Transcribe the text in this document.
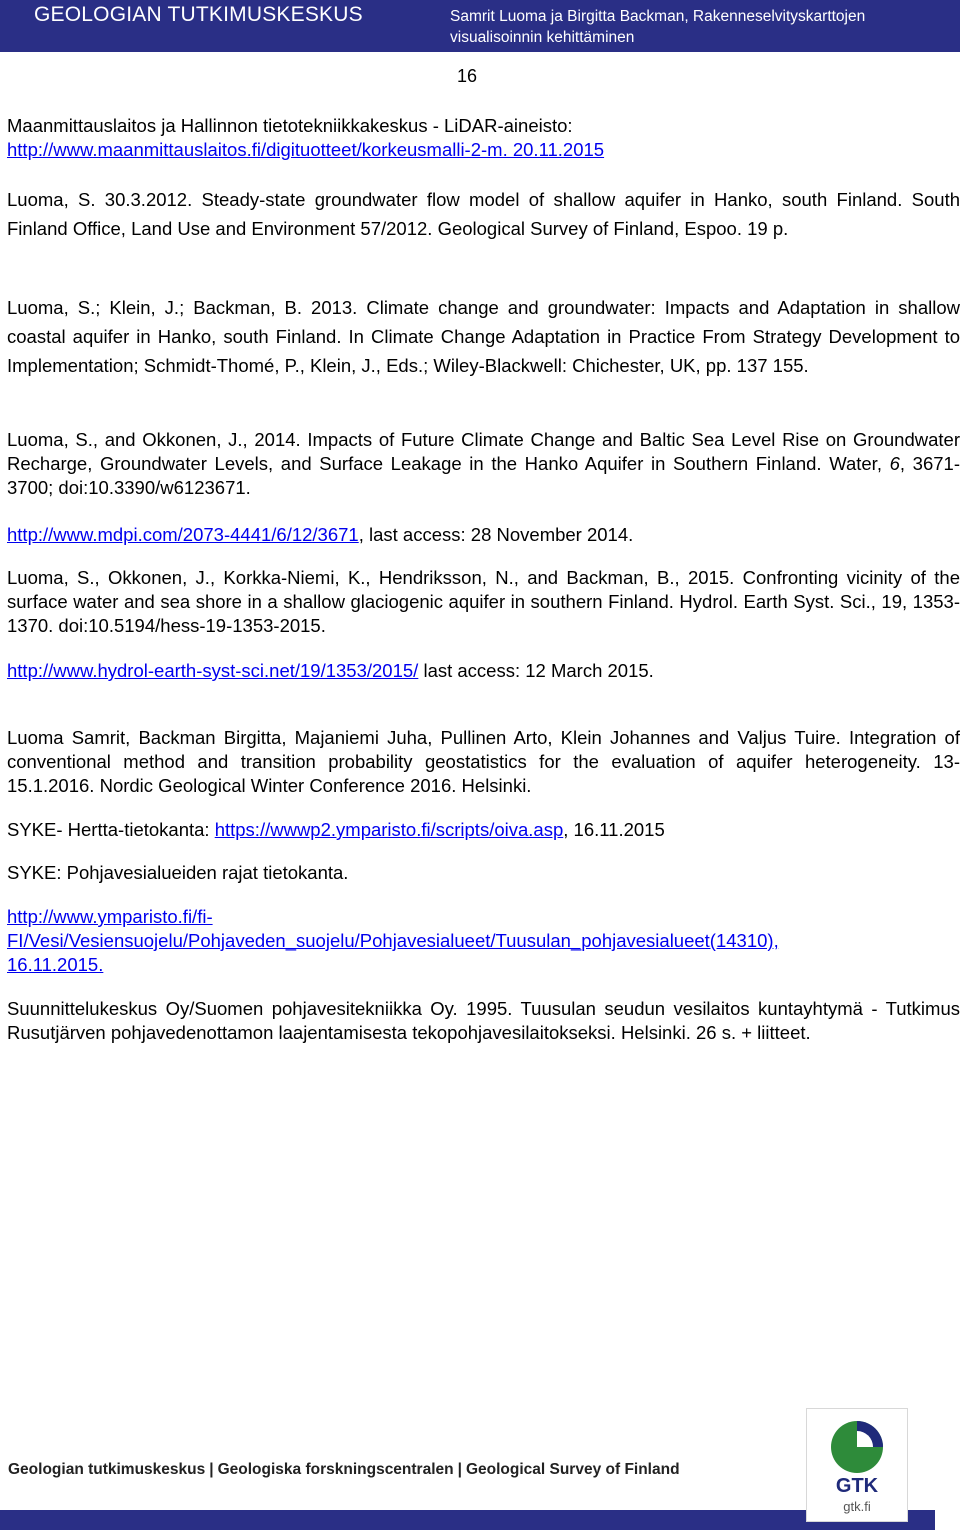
GEOLOGIAN TUTKIMUSKESKUS	Samrit Luoma ja Birgitta Backman, Rakenneselvityskarttojen
visualisoinnin kehittäminen
16
Maanmittauslaitos ja Hallinnon tietotekniikkakeskus - LiDAR-aineisto:
http://www.maanmittauslaitos.fi/digituotteet/korkeusmalli-2-m. 20.11.2015

Luoma, S. 30.3.2012. Steady-state groundwater flow model of shallow aquifer in Hanko, south Finland. South Finland Office, Land Use and Environment 57/2012. Geological Survey of Finland, Espoo. 19 p.

Luoma, S.; Klein, J.; Backman, B. 2013. Climate change and groundwater: Impacts and Adaptation in shallow coastal aquifer in Hanko, south Finland. In Climate Change Adaptation in Practice From Strategy Development to Implementation; Schmidt-Thomé, P., Klein, J., Eds.; Wiley-Blackwell: Chichester, UK, pp. 137 155.

Luoma, S., and Okkonen, J., 2014. Impacts of Future Climate Change and Baltic Sea Level Rise on Groundwater Recharge, Groundwater Levels, and Surface Leakage in the Hanko Aquifer in Southern Finland. Water, 6, 3671-3700; doi:10.3390/w6123671.

http://www.mdpi.com/2073-4441/6/12/3671, last access: 28 November 2014.

Luoma, S., Okkonen, J., Korkka-Niemi, K., Hendriksson, N., and Backman, B., 2015. Confronting vicinity of the surface water and sea shore in a shallow glaciogenic aquifer in southern Finland. Hydrol. Earth Syst. Sci., 19, 1353-1370. doi:10.5194/hess-19-1353-2015.

http://www.hydrol-earth-syst-sci.net/19/1353/2015/ last access: 12 March 2015.

Luoma Samrit, Backman Birgitta, Majaniemi Juha, Pullinen Arto, Klein Johannes and Valjus Tuire. Integration of conventional method and transition probability geostatistics for the evaluation of aquifer heterogeneity. 13-15.1.2016. Nordic Geological Winter Conference 2016. Helsinki.

SYKE- Hertta-tietokanta: https://wwwp2.ymparisto.fi/scripts/oiva.asp, 16.11.2015

SYKE: Pohjavesialueiden rajat tietokanta.

http://www.ymparisto.fi/fi-
FI/Vesi/Vesiensuojelu/Pohjaveden_suojelu/Pohjavesialueet/Tuusulan_pohjavesialueet(14310),
16.11.2015.

Suunnittelukeskus Oy/Suomen pohjavesitekniikka Oy. 1995. Tuusulan seudun vesilaitos kuntayhtymä - Tutkimus Rusutjärven pohjavedenottamon laajentamisesta tekopohjavesilaitokseksi. Helsinki. 26 s. + liitteet.

Geologian tutkimuskeskus | Geologiska forskningscentralen | Geological Survey of Finland
GTK
gtk.fi
